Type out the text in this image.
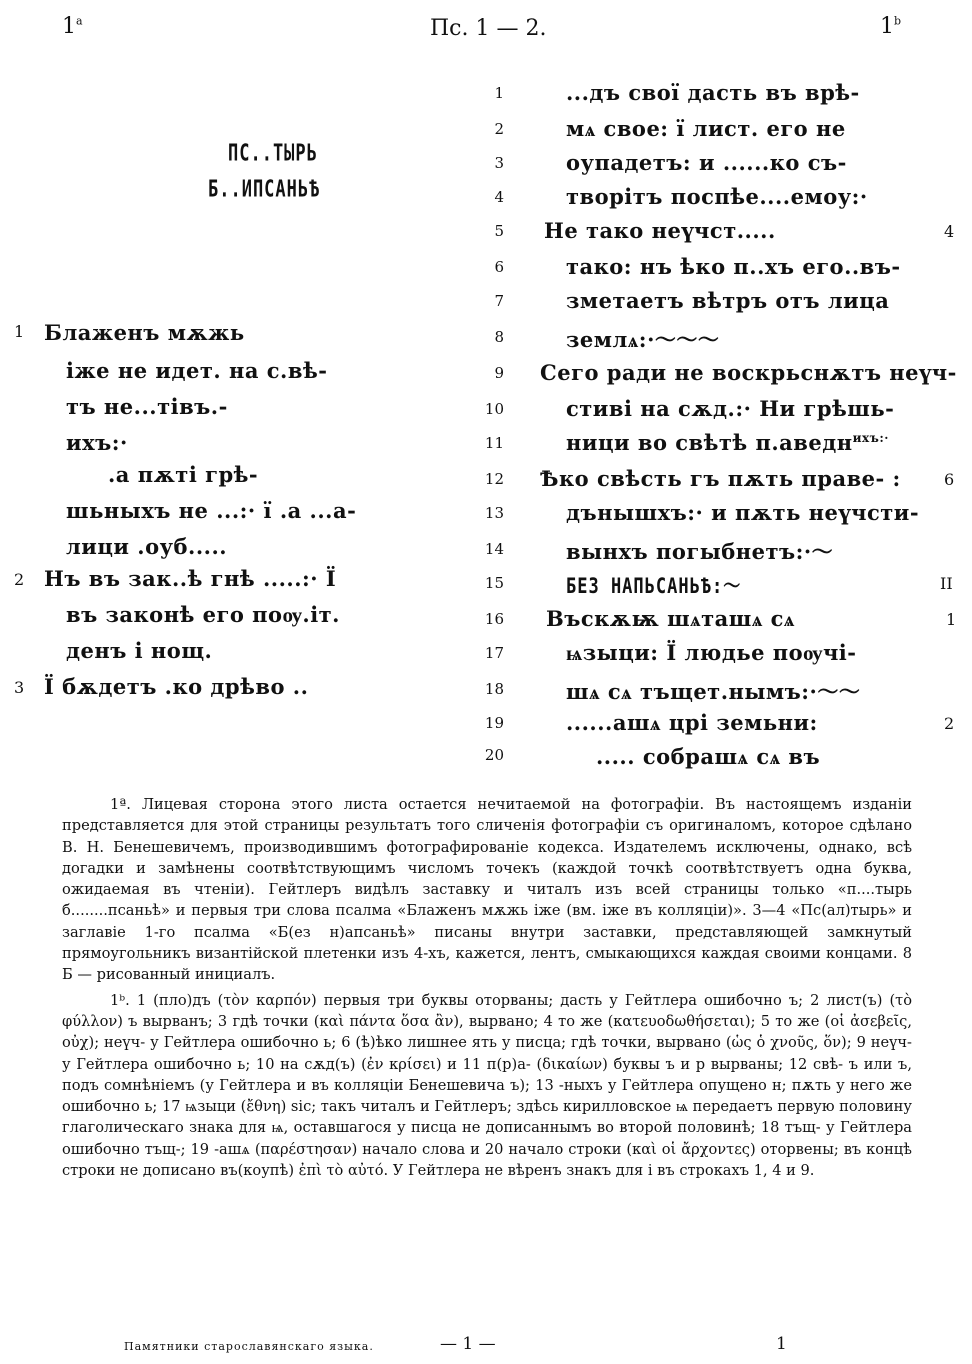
1$^a$	Пс. 1 — 2.	1$^b$
ПС..ТЫРЬ
Б..ИПСАНЬѢ
1 Блаженъ мѫжь
іже не идет. на с.вѣ-
тъ не...тівъ.-
ихъ:·
.а пѫті грѣ-
шьныхъ не ...:· ї .а ...а-
лици .оуб.....
2 Нъ въ зак..ѣ гнѣ .....:· Ї
въ законѣ его поѹ.іт.
денъ і нощ.
3 Ї бѫдетъ .ко дрѣво ..
1	...дъ свої дасть въ врѣ-
2	мѧ свое: ї лист. его не
3	оупадетъ: и ......ко съ-
4	творітъ поспѣе....емоу:·
5 Не тако неүчст.....	4
6	тако: нъ ѣко п..хъ его..въ-
7	зметаетъ вѣтръ отъ лица
8	землѧ:·～～～
9 Сего ради не воскрьснѫтъ неүч-
10	стиві на сѫд.:· Ни грѣшь-
11	ници во свѣтѣ п.аведн$^{ихъ:\cdot}$
12 Ѣко свѣсть гъ пѫть праве- :	6
13	дънышхъ:· и пѫть неүчсти-
14	вынхъ погыбнетъ:·～
15	БЕЗ НАПЬСАНЬѢ:～	II
16 Въскѫѭ шѧташѧ сѧ	1
17	ѩзыци: Ї людье поѹчі-
18	шѧ сѧ тъщет.нымъ:·～～
19	......ашѧ црі земьни:	2
20	..... собрашѧ сѧ въ

1ª. Лицевая сторона этого листа остается нечитаемой на фотографіи. Въ настоящемъ изданіи представляется для этой страницы результатъ того сличенія фотографіи съ оригиналомъ, которое сдѣлано В. Н. Бенешевичемъ, производившимъ фотографированіе кодекса. Издателемъ исключены, однако, всѣ догадки и замѣнены соотвѣтствующимъ числомъ точекъ (каждой точкѣ соотвѣтствуетъ одна буква, ожидаемая въ чтеніи). Гейтлеръ видѣлъ заставку и читалъ изъ всей страницы только «п....тырь б........псаньѣ» и первыя три слова псалма «Блаженъ мѫжь іже (вм. іже въ колляціи)». 3—4 «Пс(ал)тырь» и заглавіе 1-го псалма «Б(ез н)апсаньѣ» писаны внутри заставки, представляющей замкнутый прямоугольникъ византійской плетенки изъ 4-хъ, кажется, лентъ, смыкающихся каждая своими концами. 8 Б — рисованный инициалъ.

1ᵇ. 1 (пло)дъ (τὸν καρπόν) первыя три буквы оторваны; дасть у Гейтлера ошибочно ъ; 2 лист(ъ) (τὸ φύλλον) ъ вырванъ; 3 гдѣ точки (καὶ πάντα ὅσα ἂν), вырвано; 4 то же (κατευοδωθήσεται); 5 то же (οἱ ἀσεβεῖς, οὐχ); неүч- у Гейтлера ошибочно ь; 6 (ѣ)ѣко лишнее ять у писца; гдѣ точки, вырвано (ὡς ὁ χνοῦς, ὅν); 9 неүч- у Гейтлера ошибочно ь; 10 на сѫд(ъ) (ἐν κρίσει) и 11 п(р)а- (δικαίων) буквы ъ и р вырваны; 12 свѣ- ъ или ъ, подъ сомнѣніемъ (у Гейтлера и въ колляціи Бенешевича ъ); 13 -ныхъ у Гейтлера опущено н; пѫть у него же ошибочно ь; 17 ѩзыци (ἔθνη) sic; такъ читалъ и Гейтлеръ; здѣсь кирилловское ѩ передаетъ первую половину глаголическаго знака для ѩ, оставшагося у писца не дописаннымъ во второй половинѣ; 18 тъщ- у Гейтлера ошибочно тъщ-; 19 -ашѧ (παρέστησαν) начало слова и 20 начало строки (καὶ οἱ ἄρχοντες) оторвены; въ концѣ строки не дописано въ(коупѣ) ἐπὶ τὸ αὐτό. У Гейтлера не вѣренъ знакъ для і въ строкахъ 1, 4 и 9.

Памятники старославянскаго языка.	— 1 —	1
